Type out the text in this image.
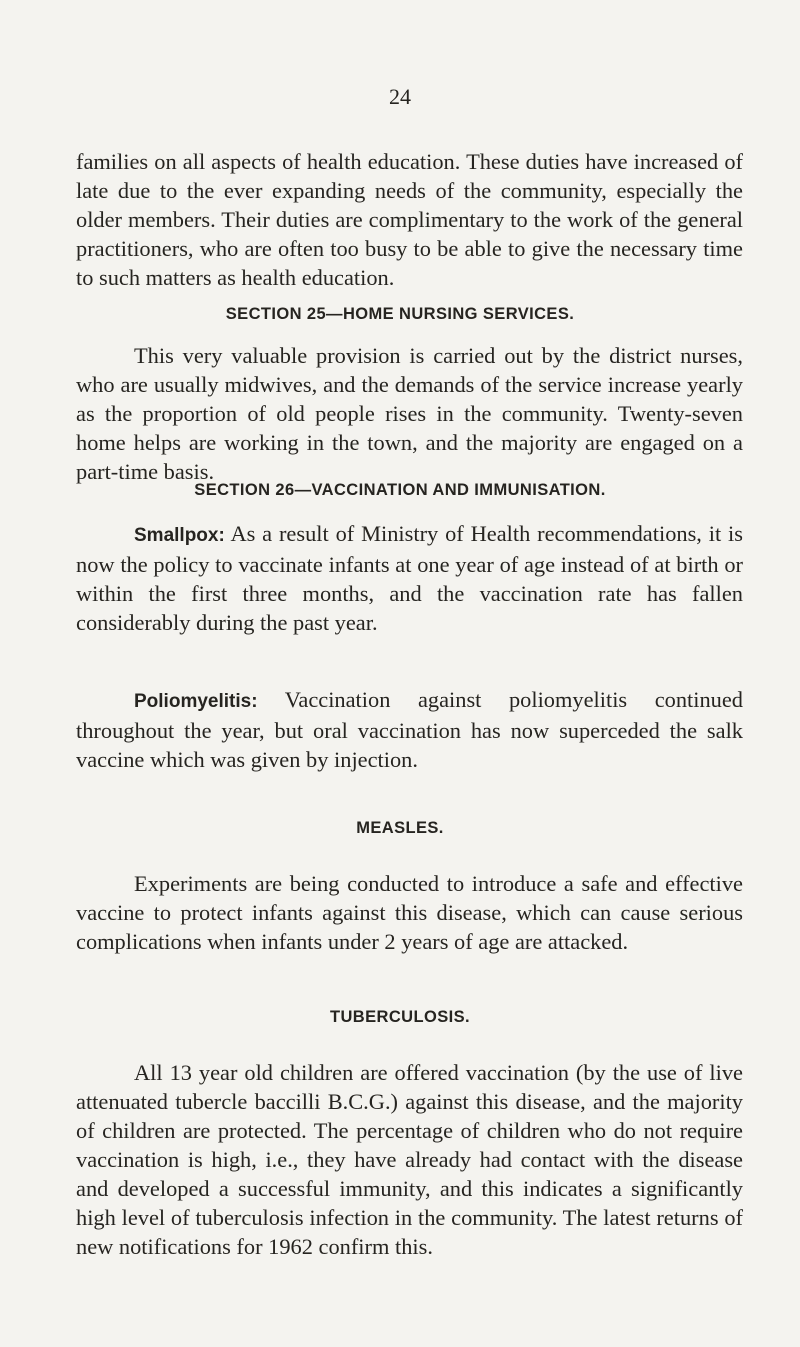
24

families on all aspects of health education. These duties have increased of late due to the ever expanding needs of the community, especially the older members. Their duties are complimentary to the work of the general practitioners, who are often too busy to be able to give the necessary time to such matters as health education.

SECTION 25—HOME NURSING SERVICES.

This very valuable provision is carried out by the district nurses, who are usually midwives, and the demands of the service increase yearly as the proportion of old people rises in the community. Twenty-seven home helps are working in the town, and the majority are engaged on a part-time basis.

SECTION 26—VACCINATION AND IMMUNISATION.

Smallpox: As a result of Ministry of Health recommendations, it is now the policy to vaccinate infants at one year of age instead of at birth or within the first three months, and the vaccination rate has fallen considerably during the past year.

Poliomyelitis: Vaccination against poliomyelitis continued throughout the year, but oral vaccination has now superceded the salk vaccine which was given by injection.

MEASLES.

Experiments are being conducted to introduce a safe and effective vaccine to protect infants against this disease, which can cause serious complications when infants under 2 years of age are attacked.

TUBERCULOSIS.

All 13 year old children are offered vaccination (by the use of live attenuated tubercle baccilli B.C.G.) against this disease, and the majority of children are protected. The percentage of children who do not require vaccination is high, i.e., they have already had contact with the disease and developed a successful immunity, and this indicates a significantly high level of tuberculosis infection in the community. The latest returns of new notifications for 1962 confirm this.
